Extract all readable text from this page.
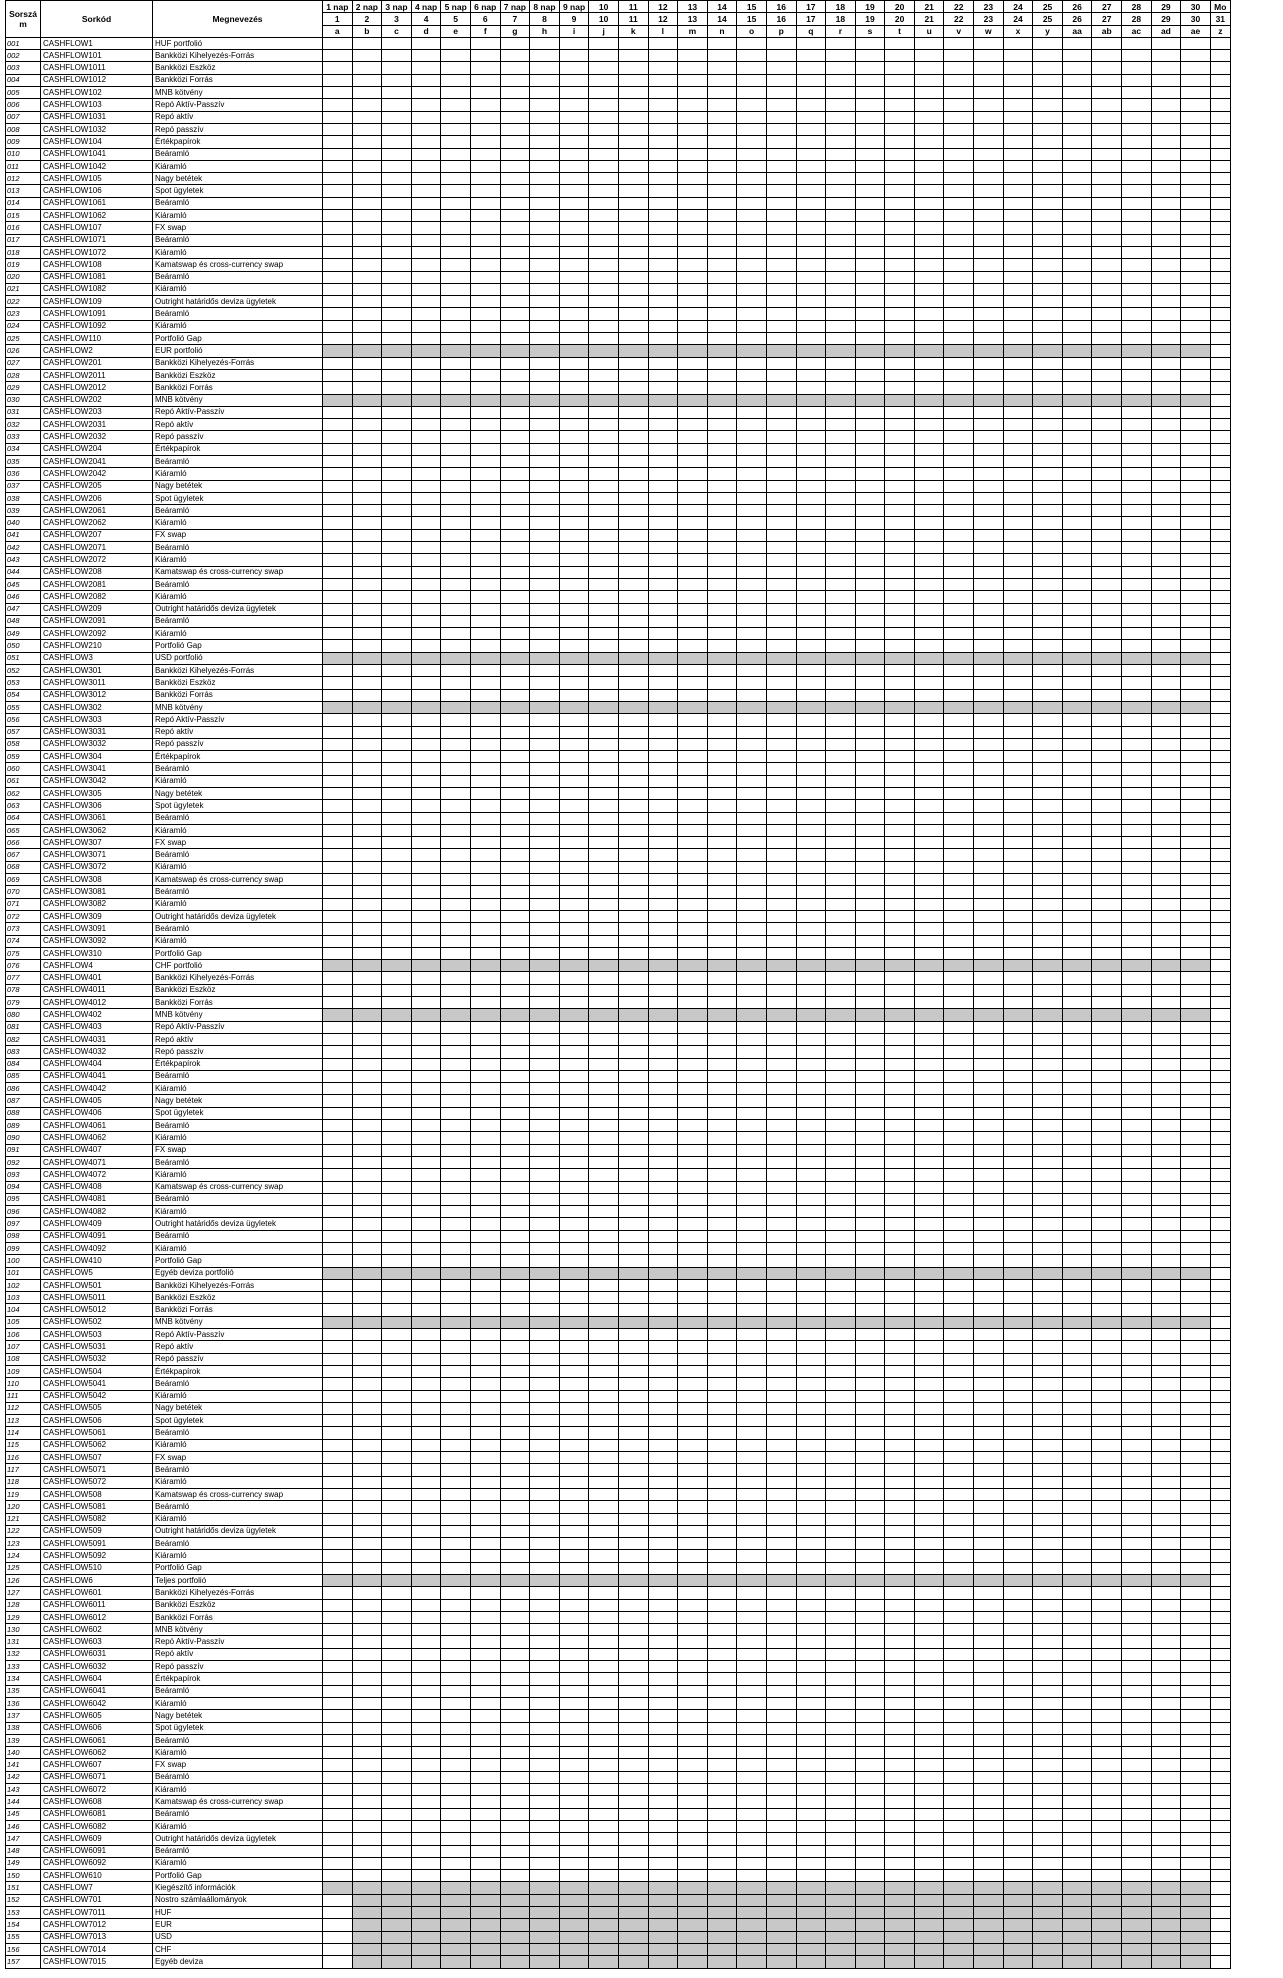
Sorszá m	Sorkód	Megnevezés	1 nap	2 nap	3 nap	4 nap	5 nap	6 nap	7 nap	8 nap	9 nap	10	11	12	13	14	15	16	17	18	19	20	21	22	23	24	25	26	27	28	29	30	Mo
			1	2	3	4	5	6	7	8	9	10	11	12	13	14	15	16	17	18	19	20	21	22	23	24	25	26	27	28	29	30	31
			a	b	c	d	e	f	g	h	i	j	k	l	m	n	o	p	q	r	s	t	u	v	w	x	y	aa	ab	ac	ad	ae	z
001	CASHFLOW1	HUF portfolió																															
002	CASHFLOW101	Bankközi Kihelyezés-Forrás																															
003	CASHFLOW1011	Bankközi Eszköz																															
004	CASHFLOW1012	Bankközi Forrás																															
005	CASHFLOW102	MNB kötvény																															
006	CASHFLOW103	Repó Aktív-Passzív																															
007	CASHFLOW1031	Repó aktív																															
008	CASHFLOW1032	Repó passzív																															
009	CASHFLOW104	Értékpapírok																															
010	CASHFLOW1041	Beáramló																															
011	CASHFLOW1042	Kiáramló																															
012	CASHFLOW105	Nagy betétek																															
013	CASHFLOW106	Spot ügyletek																															
014	CASHFLOW1061	Beáramló																															
015	CASHFLOW1062	Kiáramló																															
016	CASHFLOW107	FX swap																															
017	CASHFLOW1071	Beáramló																															
018	CASHFLOW1072	Kiáramló																															
019	CASHFLOW108	Kamatswap és cross-currency swap																															
020	CASHFLOW1081	Beáramló																															
021	CASHFLOW1082	Kiáramló																															
022	CASHFLOW109	Outright határidős deviza ügyletek																															
023	CASHFLOW1091	Beáramló																															
024	CASHFLOW1092	Kiáramló																															
025	CASHFLOW110	Portfolió Gap																															
026	CASHFLOW2	EUR portfolió																															
027	CASHFLOW201	Bankközi Kihelyezés-Forrás																															
028	CASHFLOW2011	Bankközi Eszköz																															
029	CASHFLOW2012	Bankközi Forrás																															
030	CASHFLOW202	MNB kötvény																															
031	CASHFLOW203	Repó Aktív-Passzív																															
032	CASHFLOW2031	Repó aktív																															
033	CASHFLOW2032	Repó passzív																															
034	CASHFLOW204	Értékpapírok																															
035	CASHFLOW2041	Beáramló																															
036	CASHFLOW2042	Kiáramló																															
037	CASHFLOW205	Nagy betétek																															
038	CASHFLOW206	Spot ügyletek																															
039	CASHFLOW2061	Beáramló																															
040	CASHFLOW2062	Kiáramló																															
041	CASHFLOW207	FX swap																															
042	CASHFLOW2071	Beáramló																															
043	CASHFLOW2072	Kiáramló																															
044	CASHFLOW208	Kamatswap és cross-currency swap																															
045	CASHFLOW2081	Beáramló																															
046	CASHFLOW2082	Kiáramló																															
047	CASHFLOW209	Outright határidős deviza ügyletek																															
048	CASHFLOW2091	Beáramló																															
049	CASHFLOW2092	Kiáramló																															
050	CASHFLOW210	Portfolió Gap																															
051	CASHFLOW3	USD portfolió																															
052	CASHFLOW301	Bankközi Kihelyezés-Forrás																															
053	CASHFLOW3011	Bankközi Eszköz																															
054	CASHFLOW3012	Bankközi Forrás																															
055	CASHFLOW302	MNB kötvény																															
056	CASHFLOW303	Repó Aktív-Passzív																															
057	CASHFLOW3031	Repó aktív																															
058	CASHFLOW3032	Repó passzív																															
059	CASHFLOW304	Értékpapírok																															
060	CASHFLOW3041	Beáramló																															
061	CASHFLOW3042	Kiáramló																															
062	CASHFLOW305	Nagy betétek																															
063	CASHFLOW306	Spot ügyletek																															
064	CASHFLOW3061	Beáramló																															
065	CASHFLOW3062	Kiáramló																															
066	CASHFLOW307	FX swap																															
067	CASHFLOW3071	Beáramló																															
068	CASHFLOW3072	Kiáramló																															
069	CASHFLOW308	Kamatswap és cross-currency swap																															
070	CASHFLOW3081	Beáramló																															
071	CASHFLOW3082	Kiáramló																															
072	CASHFLOW309	Outright határidős deviza ügyletek																															
073	CASHFLOW3091	Beáramló																															
074	CASHFLOW3092	Kiáramló																															
075	CASHFLOW310	Portfolió Gap																															
076	CASHFLOW4	CHF portfolió																															
077	CASHFLOW401	Bankközi Kihelyezés-Forrás																															
078	CASHFLOW4011	Bankközi Eszköz																															
079	CASHFLOW4012	Bankközi Forrás																															
080	CASHFLOW402	MNB kötvény																															
081	CASHFLOW403	Repó Aktív-Passzív																															
082	CASHFLOW4031	Repó aktív																															
083	CASHFLOW4032	Repó passzív																															
084	CASHFLOW404	Értékpapírok																															
085	CASHFLOW4041	Beáramló																															
086	CASHFLOW4042	Kiáramló																															
087	CASHFLOW405	Nagy betétek																															
088	CASHFLOW406	Spot ügyletek																															
089	CASHFLOW4061	Beáramló																															
090	CASHFLOW4062	Kiáramló																															
091	CASHFLOW407	FX swap																															
092	CASHFLOW4071	Beáramló																															
093	CASHFLOW4072	Kiáramló																															
094	CASHFLOW408	Kamatswap és cross-currency swap																															
095	CASHFLOW4081	Beáramló																															
096	CASHFLOW4082	Kiáramló																															
097	CASHFLOW409	Outright határidős deviza ügyletek																															
098	CASHFLOW4091	Beáramló																															
099	CASHFLOW4092	Kiáramló																															
100	CASHFLOW410	Portfolió Gap																															
101	CASHFLOW5	Egyéb deviza portfolió																															
102	CASHFLOW501	Bankközi Kihelyezés-Forrás																															
103	CASHFLOW5011	Bankközi Eszköz																															
104	CASHFLOW5012	Bankközi Forrás																															
105	CASHFLOW502	MNB kötvény																															
106	CASHFLOW503	Repó Aktív-Passzív																															
107	CASHFLOW5031	Repó aktív																															
108	CASHFLOW5032	Repó passzív																															
109	CASHFLOW504	Értékpapírok																															
110	CASHFLOW5041	Beáramló																															
111	CASHFLOW5042	Kiáramló																															
112	CASHFLOW505	Nagy betétek																															
113	CASHFLOW506	Spot ügyletek																															
114	CASHFLOW5061	Beáramló																															
115	CASHFLOW5062	Kiáramló																															
116	CASHFLOW507	FX swap																															
117	CASHFLOW5071	Beáramló																															
118	CASHFLOW5072	Kiáramló																															
119	CASHFLOW508	Kamatswap és cross-currency swap																															
120	CASHFLOW5081	Beáramló																															
121	CASHFLOW5082	Kiáramló																															
122	CASHFLOW509	Outright határidős deviza ügyletek																															
123	CASHFLOW5091	Beáramló																															
124	CASHFLOW5092	Kiáramló																															
125	CASHFLOW510	Portfolió Gap																															
126	CASHFLOW6	Teljes portfolió																															
127	CASHFLOW601	Bankközi Kihelyezés-Forrás																															
128	CASHFLOW6011	Bankközi Eszköz																															
129	CASHFLOW6012	Bankközi Forrás																															
130	CASHFLOW602	MNB kötvény																															
131	CASHFLOW603	Repó Aktív-Passzív																															
132	CASHFLOW6031	Repó aktív																															
133	CASHFLOW6032	Repó passzív																															
134	CASHFLOW604	Értékpapírok																															
135	CASHFLOW6041	Beáramló																															
136	CASHFLOW6042	Kiáramló																															
137	CASHFLOW605	Nagy betétek																															
138	CASHFLOW606	Spot ügyletek																															
139	CASHFLOW6061	Beáramló																															
140	CASHFLOW6062	Kiáramló																															
141	CASHFLOW607	FX swap																															
142	CASHFLOW6071	Beáramló																															
143	CASHFLOW6072	Kiáramló																															
144	CASHFLOW608	Kamatswap és cross-currency swap																															
145	CASHFLOW6081	Beáramló																															
146	CASHFLOW6082	Kiáramló																															
147	CASHFLOW609	Outright határidős deviza ügyletek																															
148	CASHFLOW6091	Beáramló																															
149	CASHFLOW6092	Kiáramló																															
150	CASHFLOW610	Portfolió Gap																															
151	CASHFLOW7	Kiegészítő információk																															
152	CASHFLOW701	Nostro számlaállományok																															
153	CASHFLOW7011	HUF																															
154	CASHFLOW7012	EUR																															
155	CASHFLOW7013	USD																															
156	CASHFLOW7014	CHF																															
157	CASHFLOW7015	Egyéb deviza																															
